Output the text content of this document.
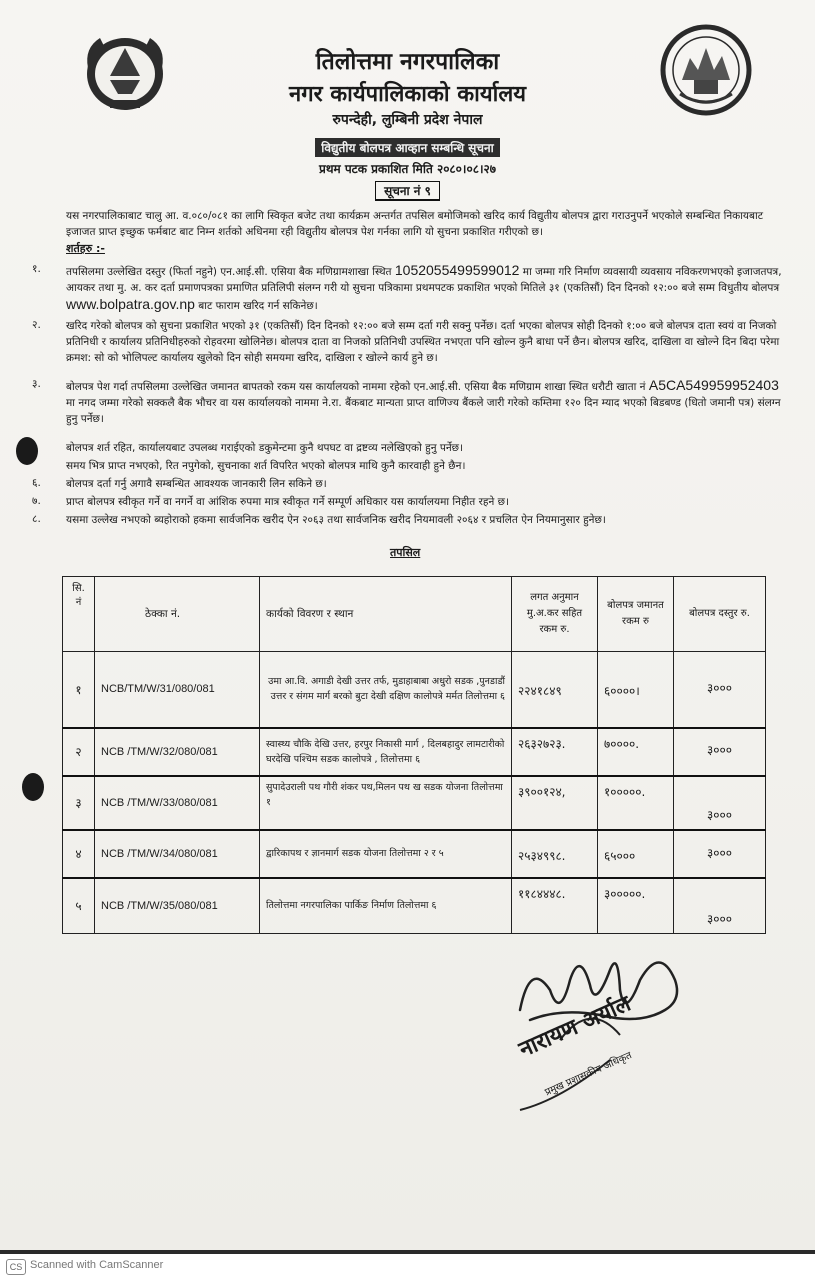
तिलोत्तमा नगरपालिका
नगर कार्यपालिकाको कार्यालय
रुपन्देही, लुम्बिनी प्रदेश नेपाल
विद्युतीय बोलपत्र आव्हान सम्बन्धि सूचना
प्रथम पटक प्रकाशित मिति २०८०।०८।२७
सूचना नं ९
यस नगरपालिकाबाट चालु आ. व.०८०/०८१ का लागि स्विकृत बजेट तथा कार्यक्रम अन्तर्गत तपसिल बमोजिमको खरिद कार्य विद्युतीय बोलपत्र द्वारा गराउनुपर्ने भएकोले सम्बन्धित निकायबाट इजाजत प्राप्त इच्छुक फर्मबाट बाट निम्न शर्तको अधिनमा रही विद्युतीय बोलपत्र पेश गर्नका लागि यो सुचना प्रकाशित गरीएको छ।
शर्तहरु :-
१. तपसिलमा उल्लेखित दस्तुर (फिर्ता नहुने) एन.आई.सी. एसिया बैक मणिग्रामशाखा स्थित 1052055499599012 मा जम्मा गरि निर्माण व्यवसायी व्यवसाय नविकरणभएको इजाजतपत्र, आयकर तथा मु. अ. कर दर्ता प्रमाणपत्रका प्रमाणित प्रतिलिपी संलग्न गरी यो सुचना पत्रिकामा प्रथमपटक प्रकाशित भएको मितिले ३१ (एकतिसौं) दिन दिनको १२:०० बजे सम्म विधुतीय बोलपत्र www.bolpatra.gov.np बाट फाराम खरिद गर्न सकिनेछ।
२. खरिद गरेको बोलपत्र को सुचना प्रकाशित भएको ३१ (एकतिसौं) दिन दिनको १२:०० बजे सम्म दर्ता गरी सक्नु पर्नेछ। दर्ता भएका बोलपत्र सोही दिनको १:०० बजे बोलपत्र दाता स्वयं वा निजको प्रतिनिधी र कार्यालय प्रतिनिधीहरुको रोहवरमा खोलिनेछ। बोलपत्र दाता वा निजको प्रतिनिधी उपस्थित नभएता पनि खोल्न कुनै बाधा पर्ने छैन। बोलपत्र खरिद, दाखिला वा खोल्ने दिन बिदा परेमा क्रमश: सो को भोलिपल्ट कार्यालय खुलेको दिन सोही समयमा खरिद, दाखिला र खोल्ने कार्य हुने छ।
३. बोलपत्र पेश गर्दा तपसिलमा उल्लेखित जमानत बापतको रकम यस कार्यालयको नाममा रहेको एन.आई.सी. एसिया बैक मणिग्राम शाखा स्थित धरौटी खाता नं A5CA549959952403 मा नगद जम्मा गरेको सक्कलै बैक भौचर वा यस कार्यालयको नाममा ने.रा. बैंकबाट मान्यता प्राप्त वाणिज्य बैंकले जारी गरेको कम्तिमा १२० दिन म्याद भएको बिडबण्ड (धितो जमानी पत्र) संलग्न हुनु पर्नेछ।
बोलपत्र शर्त रहित, कार्यालयबाट उपलब्ध गराईएको डकुमेन्टमा कुनै थपघट वा द्रष्टव्य नलेखिएको हुनु पर्नेछ।
समय भित्र प्राप्त नभएको, रित नपुगेको, सुचनाका शर्त विपरित भएको बोलपत्र माथि कुनै कारवाही हुने छैन।
६. बोलपत्र दर्ता गर्नु अगावै सम्बन्धित आवश्यक जानकारी लिन सकिने छ।
७. प्राप्त बोलपत्र स्वीकृत गर्ने वा नगर्ने वा आंशिक रुपमा मात्र स्वीकृत गर्ने सम्पूर्ण अधिकार यस कार्यालयमा निहीत रहने छ।
८. यसमा उल्लेख नभएको ब्यहोराको हकमा सार्वजनिक खरीद ऐन २०६३ तथा सार्वजनिक खरीद नियमावली २०६४ र प्रचलित ऐन नियमानुसार हुनेछ।
तपसिल
सि. नं	ठेक्का नं.	कार्यको विवरण र स्थान	लगत अनुमान मु.अ.कर सहित रकम रु.	बोलपत्र जमानत रकम रु	बोलपत्र दस्तुर रु.
१	NCB/TM/W/31/080/081	उमा आ.वि. अगाडी देखी उत्तर तर्फ, मुडाहाबाबा अधुरो सडक ,पुनडाडौं उत्तर र संगम मार्ग बरको बुटा देखी दक्षिण कालोपत्रे मर्मत तिलोत्तमा ६	२२४१८४९	६००००।	३०००
२	NCB /TM/W/32/080/081	स्वास्थ्य चौकि देखि उत्तर, हरपुर निकासी मार्ग , दिलबहादुर लामटारीको घरदेखि पश्चिम सडक कालोपत्रे , तिलोत्तमा ६	२६३२७२३.	७००००.	३०००
३	NCB /TM/W/33/080/081	सुपादेउराली पथ गौरी शंकर पथ,मिलन पथ ख सडक योजना तिलोत्तमा १	३९००१२४,	१०००००.	३०००
४	NCB /TM/W/34/080/081	द्वारिकापथ र ज्ञानमार्ग सडक योजना तिलोत्तमा २ र ५	२५३४९९८.	६५०००	३०००
५	NCB /TM/W/35/080/081	तिलोत्तमा नगरपालिका पार्किङ निर्माण तिलोत्तमा ६	११८४४४८.	३०००००.	३०००
नारायण अर्याल
प्रमुख प्रशासकीय अधिकृत
CS Scanned with CamScanner
